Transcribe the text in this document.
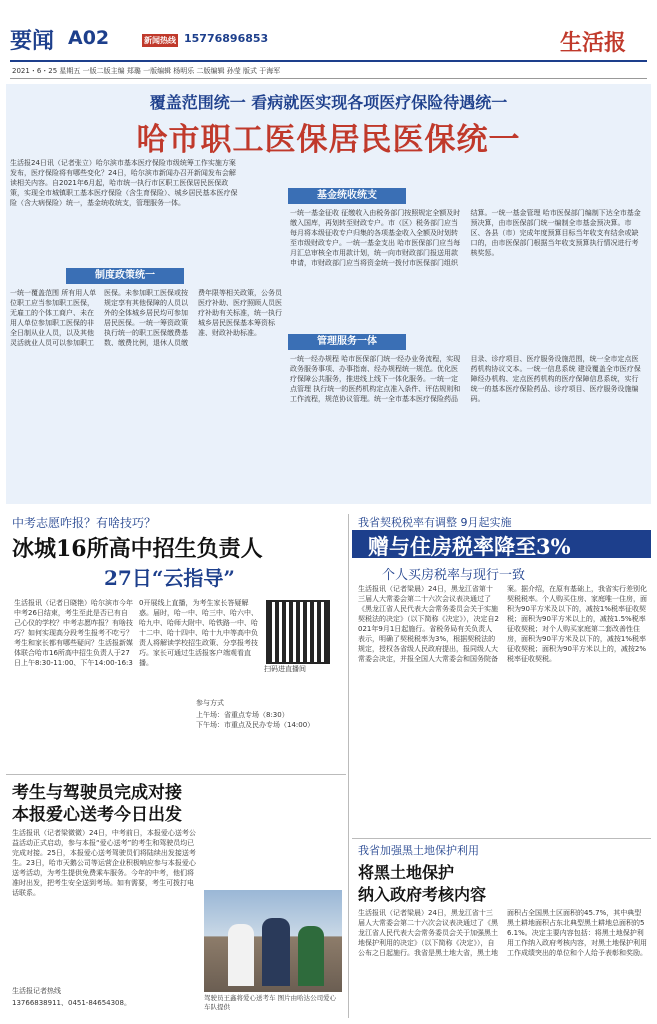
要闻 A02	新闻热线 15776896853	生活报
2021・6・25 星期五 一版二版主编 郑璐 一版编辑 杨明乐 二版编辑 孙莹 版式 于海军
覆盖范围统一 看病就医实现各项医疗保险待遇统一
哈市职工医保居民医保统一
生活报24日讯（记者张立）哈尔滨市基本医疗保险市级统筹工作实施方案发布，医疗保险将有哪些变化？24日，哈尔滨市新闻办召开新闻发布会解读相关内容。自2021年6月起，哈市统一执行市区职工医保居民医保政策，实现全市城镇职工基本医疗保险（含生育保险）、城乡居民基本医疗保险（含大病保险）统一，基金统收统支，管理服务一体。
制度政策统一
一统一覆盖范围 所有用人单位职工应当参加职工医保，无雇工的个体工商户、未在用人单位参加职工医保的非全日制从业人员，以及其他灵活就业人员可以参加职工医保。未参加职工医保或按规定享有其他保障的人员以外的全体城乡居民均可参加居民医保。一统一筹资政策 执行统一的职工医保缴费基数、缴费比例，退休人员缴费年限等相关政策，公务员医疗补助、医疗照顾人员医疗补助有关标准，统一执行城乡居民医保基本筹资标准、财政补助标准。
基金统收统支
一统一基金征收 征缴收入由税务部门按照规定全额及时缴入国库，再划转至财政专户。市（区）税务部门应当每月将本级征收专户归集的各项基金收入全额及时划转至市级财政专户。一统一基金支出 哈市医保部门应当每月汇总审核全市用款计划，统一向市财政部门报送用款申请，市财政部门应当将资金统一拨付市医保部门组织结算。一统一基金管理 哈市医保部门编制下达全市基金预决算，由市医保部门统一编制全市基金预决算。市区、各县（市）完成年度预算目标当年收支有结余或缺口的，由市医保部门根据当年收支预算执行情况进行考核奖惩。
管理服务一体
一统一经办规程 哈市医保部门统一经办业务流程，实现政务服务事项、办事指南、经办规程统一规范。优化医疗保障公共服务，推进线上线下一体化服务。一统一定点管理 执行统一的医药机构定点准入条件、评估规则和工作流程，规范协议管理。统一全市基本医疗保险药品目录、诊疗项目、医疗服务设施范围，统一全市定点医药机构协议文本。一统一信息系统 建设覆盖全市医疗保障经办机构、定点医药机构的医疗保障信息系统，实行统一的基本医疗保险药品、诊疗项目、医疗服务设施编码。
中考志愿咋报？有啥技巧？
冰城16所高中招生负责人
27日“云指导”
生活报讯（记者日晓艳）哈尔滨市今年中考26日结束，考生至此是否已有自己心仪的学校？中考志愿咋报？有啥技巧？如何实现高分段考生报考不吃亏？考生和家长都有哪些疑问？生活报新媒体联合哈市16所高中招生负责人于27日上午8:30-11:00、下午14:00-16:30开展线上直播，为考生家长答疑解惑。届时，哈一中、哈三中、哈六中、哈九中、哈师大附中、哈铁路一中、哈十二中、哈十四中、哈十九中等高中负责人将解读学校招生政策、分享报考技巧。家长可通过生活报客户端观看直播。
扫码进直播间
参与方式
上午场：省重点专场（8:30）
下午场：市重点及民办专场（14:00）
考生与驾驶员完成对接
本报爱心送考今日出发
生活报讯（记者梁微微）24日，中考前日，本报爱心送考公益活动正式启动，参与本报“爱心送考”的考生和驾驶员均已完成对接。25日，本报爱心送考驾驶员们将陆续出发接送考生。23日，哈市天鹅公司等运营企业积极响应参与本报爱心送考活动，为考生提供免费乘车服务。今年的中考，他们将准时出发，把考生安全送到考场。如有需要，考生可拨打电话联系。
生活报记者热线
13766838911、0451-84654308。
驾驶员王鑫将爱心送考车 图片由哈达公司爱心车队提供
我省契税税率有调整 9月起实施
赠与住房税率降至3%
个人买房税率与现行一致
生活报讯（记者梁晨）24日，黑龙江省第十三届人大常委会第二十六次会议表决通过了《黑龙江省人民代表大会常务委员会关于实施契税法的决定》（以下简称《决定》），决定自2021年9月1日起施行。省税务局有关负责人表示，明确了契税税率为3%，根据契税法的规定，授权各省级人民政府提出，报同级人大常委会决定，并报全国人大常委会和国务院备案。据介绍，在原有基础上，我省实行差别化契税税率。个人购买住房、家庭唯一住房，面积为90平方米及以下的，减按1%税率征收契税；面积为90平方米以上的，减按1.5%税率征收契税；对个人购买家庭第二套改善性住房，面积为90平方米及以下的，减按1%税率征收契税；面积为90平方米以上的，减按2%税率征收契税。
我省加强黑土地保护利用
将黑土地保护
纳入政府考核内容
生活报讯（记者梁晨）24日，黑龙江省十三届人大常委会第二十六次会议表决通过了《黑龙江省人民代表大会常务委员会关于加强黑土地保护利用的决定》（以下简称《决定》），自公布之日起施行。我省是黑土地大省，黑土地面积占全国黑土区面积的45.7%，其中典型黑土耕地面积占东北典型黑土耕地总面积的56.1%。决定主要内容包括：将黑土地保护利用工作纳入政府考核内容，对黑土地保护利用工作成绩突出的单位和个人给予表彰和奖励。
